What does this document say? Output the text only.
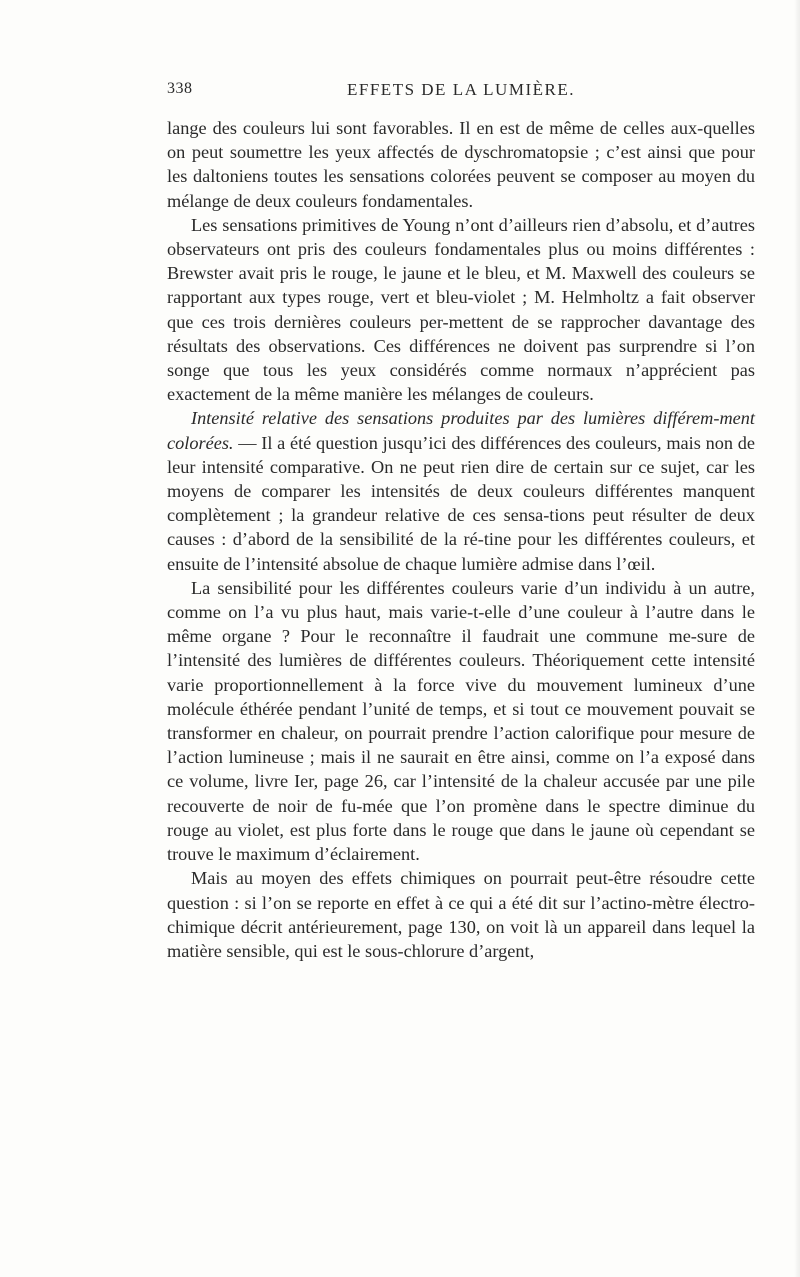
338	EFFETS DE LA LUMIÈRE.

lange des couleurs lui sont favorables. Il en est de même de celles aux-quelles on peut soumettre les yeux affectés de dyschromatopsie ; c’est ainsi que pour les daltoniens toutes les sensations colorées peuvent se composer au moyen du mélange de deux couleurs fondamentales.

Les sensations primitives de Young n’ont d’ailleurs rien d’absolu, et d’autres observateurs ont pris des couleurs fondamentales plus ou moins différentes : Brewster avait pris le rouge, le jaune et le bleu, et M. Maxwell des couleurs se rapportant aux types rouge, vert et bleu-violet ; M. Helmholtz a fait observer que ces trois dernières couleurs per-mettent de se rapprocher davantage des résultats des observations. Ces différences ne doivent pas surprendre si l’on songe que tous les yeux considérés comme normaux n’apprécient pas exactement de la même manière les mélanges de couleurs.

Intensité relative des sensations produites par des lumières différem-ment colorées. — Il a été question jusqu’ici des différences des couleurs, mais non de leur intensité comparative. On ne peut rien dire de certain sur ce sujet, car les moyens de comparer les intensités de deux couleurs différentes manquent complètement ; la grandeur relative de ces sensa-tions peut résulter de deux causes : d’abord de la sensibilité de la ré-tine pour les différentes couleurs, et ensuite de l’intensité absolue de chaque lumière admise dans l’œil.

La sensibilité pour les différentes couleurs varie d’un individu à un autre, comme on l’a vu plus haut, mais varie-t-elle d’une couleur à l’autre dans le même organe ? Pour le reconnaître il faudrait une commune me-sure de l’intensité des lumières de différentes couleurs. Théoriquement cette intensité varie proportionnellement à la force vive du mouvement lumineux d’une molécule éthérée pendant l’unité de temps, et si tout ce mouvement pouvait se transformer en chaleur, on pourrait prendre l’action calorifique pour mesure de l’action lumineuse ; mais il ne saurait en être ainsi, comme on l’a exposé dans ce volume, livre Ier, page 26, car l’intensité de la chaleur accusée par une pile recouverte de noir de fu-mée que l’on promène dans le spectre diminue du rouge au violet, est plus forte dans le rouge que dans le jaune où cependant se trouve le maximum d’éclairement.

Mais au moyen des effets chimiques on pourrait peut-être résoudre cette question : si l’on se reporte en effet à ce qui a été dit sur l’actino-mètre électro-chimique décrit antérieurement, page 130, on voit là un appareil dans lequel la matière sensible, qui est le sous-chlorure d’argent,
